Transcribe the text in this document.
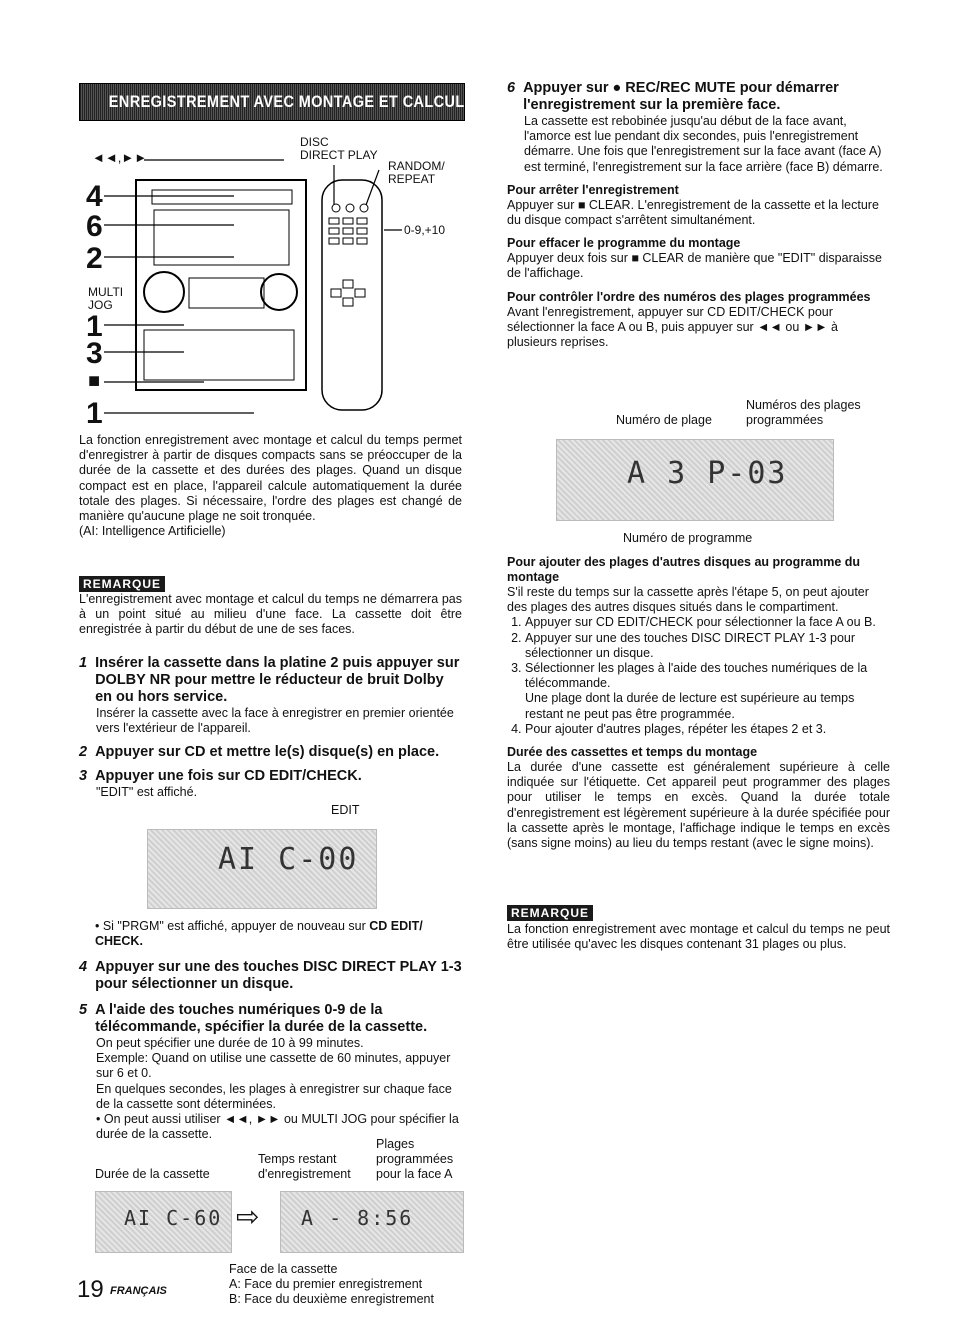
ENREGISTREMENT AVEC MONTAGE ET CALCUL DU TEMPS
◄◄,►►
DISC
DIRECT PLAY
RANDOM/
REPEAT
0-9,+10
MULTI
JOG
4
6
2
1
3
■
1

La fonction enregistrement avec montage et calcul du temps permet d'enregistrer à partir de disques compacts sans se préoccuper de la durée de la cassette et des durées des plages. Quand un disque compact est en place, l'appareil calcule automatiquement la durée totale des plages. Si nécessaire, l'ordre des plages est changé de manière qu'aucune plage ne soit tronquée.

(AI: Intelligence Artificielle)

REMARQUE

L'enregistrement avec montage et calcul du temps ne démarrera pas à un point situé au milieu d'une face. La cassette doit être enregistrée à partir du début de une de ses faces.

1 Insérer la cassette dans la platine 2 puis appuyer sur DOLBY NR pour mettre le réducteur de bruit Dolby en ou hors service.

Insérer la cassette avec la face à enregistrer en premier orientée vers l'extérieur de l'appareil.

2 Appuyer sur CD et mettre le(s) disque(s) en place.

3 Appuyer une fois sur CD EDIT/CHECK.

"EDIT" est affiché.

EDIT
AI C-00

• Si "PRGM" est affiché, appuyer de nouveau sur CD EDIT/ CHECK.

4 Appuyer sur une des touches DISC DIRECT PLAY 1-3 pour sélectionner un disque.

5 A l'aide des touches numériques 0-9 de la télécommande, spécifier la durée de la cassette.

On peut spécifier une durée de 10 à 99 minutes.

Exemple: Quand on utilise une cassette de 60 minutes, appuyer sur 6 et 0.

En quelques secondes, les plages à enregistrer sur chaque face de la cassette sont déterminées.

• On peut aussi utiliser ◄◄, ►► ou MULTI JOG pour spécifier la durée de la cassette.

Plages
Temps restant	programmées
Durée de la cassette	d'enregistrement pour la face A
AI C-60 ⇨ A - 8:56

Face de la cassette

A: Face du premier enregistrement

B: Face du deuxième enregistrement

19 FRANÇAIS
6 Appuyer sur ● REC/REC MUTE pour démarrer l'enregistrement sur la première face.

La cassette est rebobinée jusqu'au début de la face avant, l'amorce est lue pendant dix secondes, puis l'enregistrement démarre. Une fois que l'enregistrement sur la face avant (face A) est terminé, l'enregistrement sur la face arrière (face B) démarre.

Pour arrêter l'enregistrement

Appuyer sur ■ CLEAR. L'enregistrement de la cassette et la lecture du disque compact s'arrêtent simultanément.

Pour effacer le programme du montage

Appuyer deux fois sur ■ CLEAR de manière que "EDIT" disparaisse de l'affichage.

Pour contrôler l'ordre des numéros des plages programmées

Avant l'enregistrement, appuyer sur CD EDIT/CHECK pour sélectionner la face A ou B, puis appuyer sur ◄◄ ou ►► à plusieurs reprises.

Numéros des plages
Numéro de plage	programmées
A 3 P-03
Numéro de programme

Pour ajouter des plages d'autres disques au programme du montage

S'il reste du temps sur la cassette après l'étape 5, on peut ajouter des plages des autres disques situés dans le compartiment.

1. Appuyer sur CD EDIT/CHECK pour sélectionner la face A ou B.
2. Appuyer sur une des touches DISC DIRECT PLAY 1-3 pour sélectionner un disque.
3. Sélectionner les plages à l'aide des touches numériques de la télécommande.
Une plage dont la durée de lecture est supérieure au temps restant ne peut pas être programmée.
4. Pour ajouter d'autres plages, répéter les étapes 2 et 3.

Durée des cassettes et temps du montage

La durée d'une cassette est généralement supérieure à celle indiquée sur l'étiquette. Cet appareil peut programmer des plages pour utiliser le temps en excès. Quand la durée totale d'enregistrement est légèrement supérieure à la durée spécifiée pour la cassette après le montage, l'affichage indique le temps en excès (sans signe moins) au lieu du temps restant (avec le signe moins).

REMARQUE

La fonction enregistrement avec montage et calcul du temps ne peut être utilisée qu'avec les disques contenant 31 plages ou plus.
